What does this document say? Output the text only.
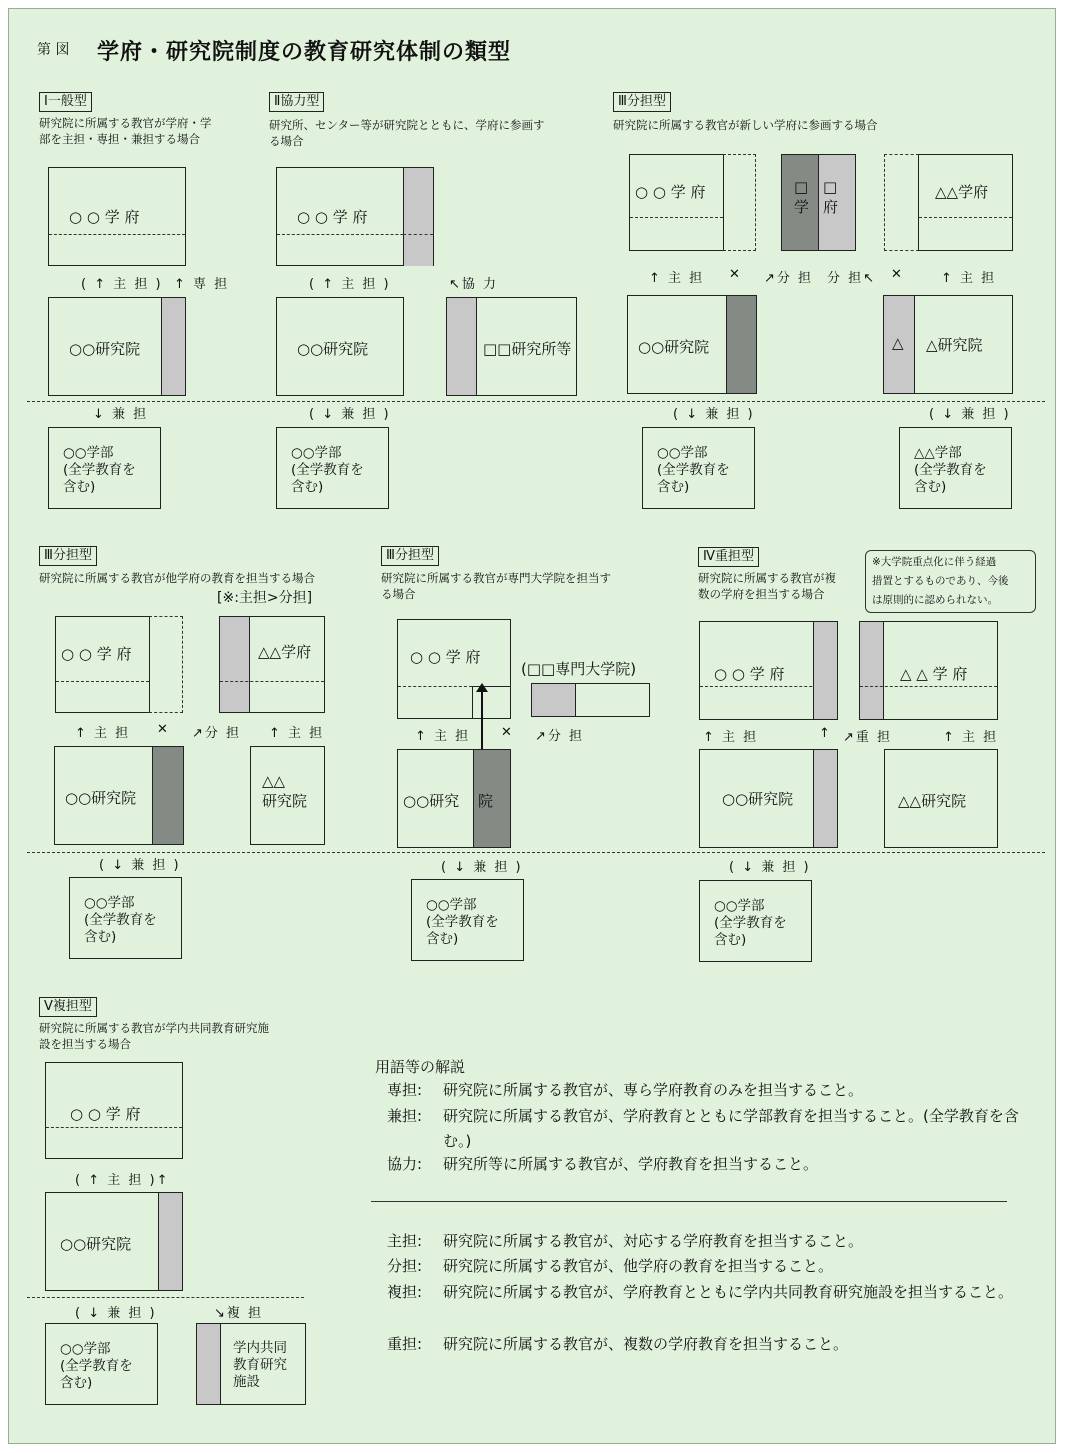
第 図 学府・研究院制度の教育研究体制の類型
Ⅰ一般型
研究院に所属する教官が学府・学
部を主担・専担・兼担する場合
○ ○ 学 府
( ↑ 主 担 ) ↑ 専 担
○○研究院
↓ 兼 担
○○学部
(全学教育を
含む)
Ⅱ協力型
研究所、センター等が研究院とともに、学府に参画す
る場合
○ ○ 学 府
( ↑ 主 担 )	↖協 力
○○研究院	□□研究所等
( ↓ 兼 担 )
○○学部
(全学教育を
含む)
Ⅲ分担型
研究院に所属する教官が新しい学府に参画する場合
○ ○ 学 府	□学
□府
△△学府
↑ 主 担 ✕ ↗分 担 分 担↖ ✕	↑ 主 担
○○研究院	△ △研究院
( ↓ 兼 担 )	( ↓ 兼 担 )
○○学部
(全学教育を
含む)
△△学部
(全学教育を
含む)
Ⅲ分担型
研究院に所属する教官が他学府の教育を担当する場合
[※:主担>分担]
○ ○ 学 府	△△学府
↑ 主 担 ✕ ↗分 担 ↑ 主 担
○○研究院
△△
研究院
( ↓ 兼 担 )
○○学部
(全学教育を
含む)
Ⅲ分担型
研究院に所属する教官が専門大学院を担当す
る場合
○ ○ 学 府
(□□専門大学院)
↑ 主 担 ✕ ↗分 担
○○研究 院
( ↓ 兼 担 )
○○学部
(全学教育を
含む)
Ⅳ重担型
研究院に所属する教官が複
数の学府を担当する場合
※大学院重点化に伴う経過
措置とするものであり、今後
は原則的に認められない。
○ ○ 学 府	△ △ 学 府
↑ 主 担	↑ ↗重 担	↑ 主 担
○○研究院	△△研究院
( ↓ 兼 担 )
○○学部
(全学教育を
含む)
Ⅴ複担型
研究院に所属する教官が学内共同教育研究施
設を担当する場合
○ ○ 学 府
( ↑ 主 担 )↑
○○研究院
( ↓ 兼 担 )	↘複 担
○○学部
(全学教育を
含む)
学内共同
教育研究
施設
用語等の解説
専担: 研究院に所属する教官が、専ら学府教育のみを担当すること。
兼担: 研究院に所属する教官が、学府教育とともに学部教育を担当すること。(全学教育を含む。)
協力: 研究所等に所属する教官が、学府教育を担当すること。
主担: 研究院に所属する教官が、対応する学府教育を担当すること。
分担: 研究院に所属する教官が、他学府の教育を担当すること。
複担: 研究院に所属する教官が、学府教育とともに学内共同教育研究施設を担当すること。
重担: 研究院に所属する教官が、複数の学府教育を担当すること。
